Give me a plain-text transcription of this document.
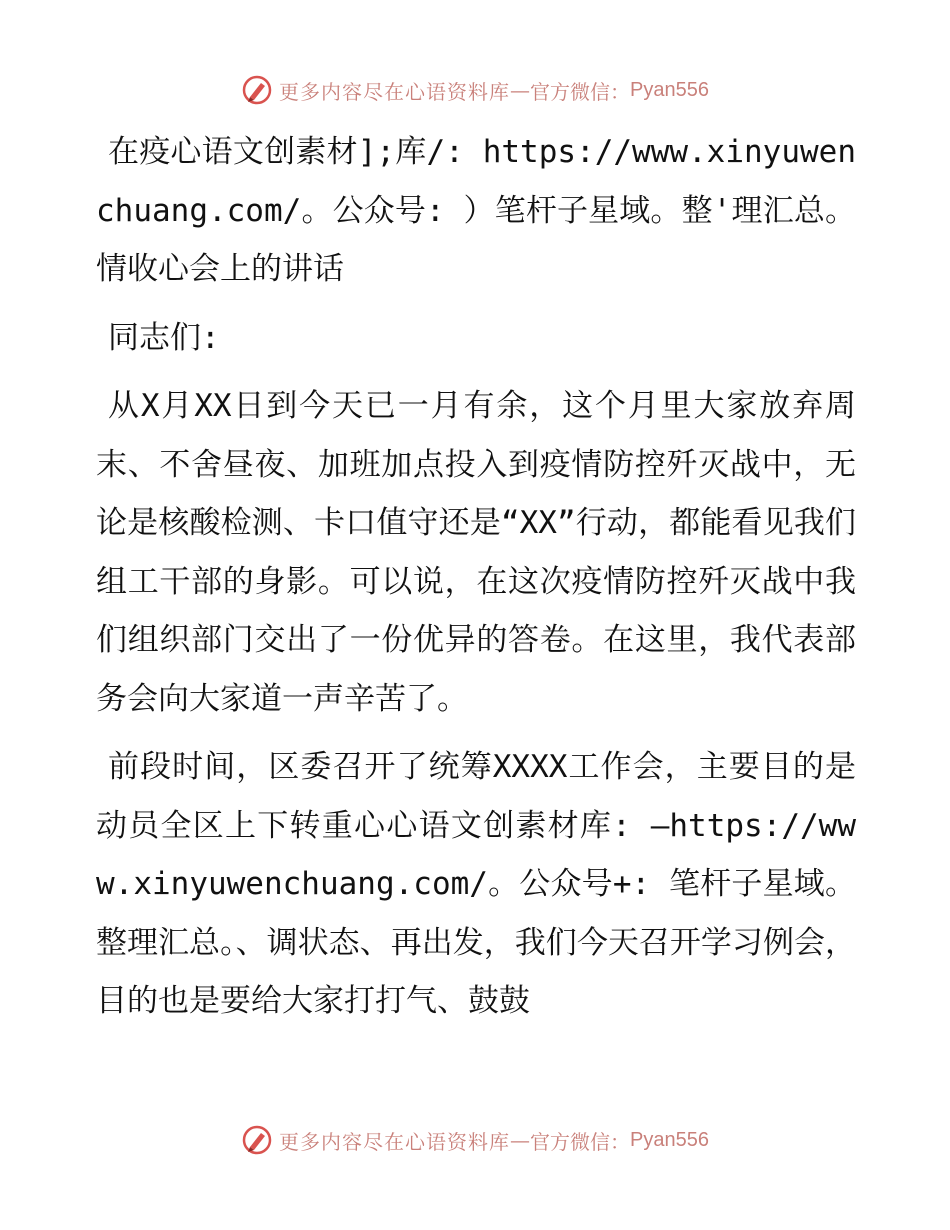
更多内容尽在心语资料库 — 官方微信： Pyan556

在疫心语文创素材];库/: https://www.xinyuwenchuang.com/。公众号: ）笔杆子星域。整'理汇总。情收心会上的讲话

同志们:

从X月XX日到今天已一月有余，这个月里大家放弃周末、不舍昼夜、加班加点投入到疫情防控歼灭战中，无论是核酸检测、卡口值守还是“XX”行动，都能看见我们组工干部的身影。可以说，在这次疫情防控歼灭战中我们组织部门交出了一份优异的答卷。在这里，我代表部务会向大家道一声辛苦了。

前段时间，区委召开了统筹XXXX工作会，主要目的是动员全区上下转重心心语文创素材库: —https://www.xinyuwenchuang.com/。公众号+: 笔杆子星域。整理汇总。、调状态、再出发，我们今天召开学习例会，目的也是要给大家打打气、鼓鼓

更多内容尽在心语资料库 — 官方微信： Pyan556
